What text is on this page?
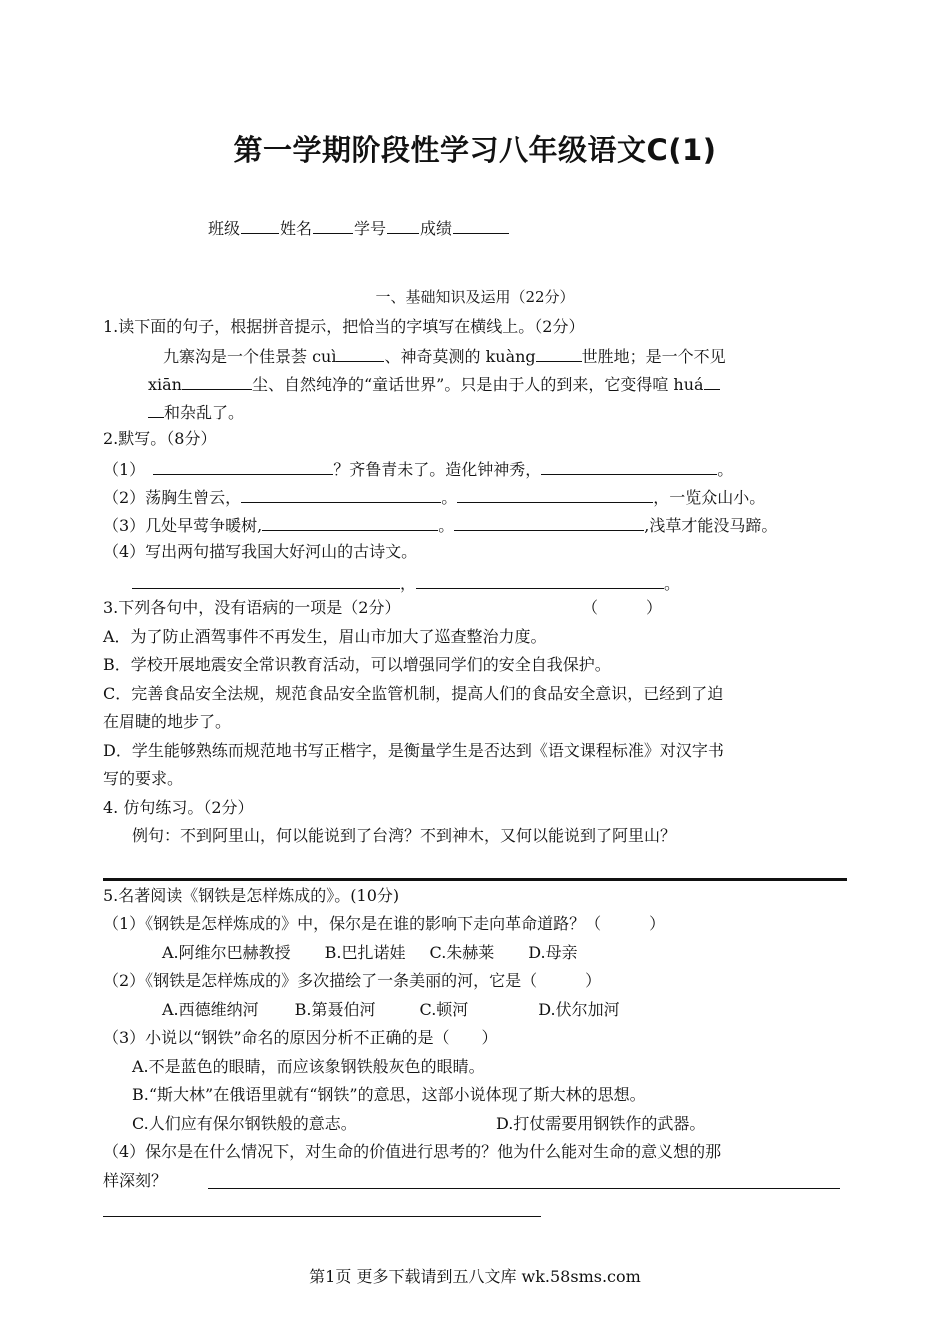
第一学期阶段性学习八年级语文C(1)
班级	姓名	学号 成绩
一、基础知识及运用（22分）
1.读下面的句子，根据拼音提示，把恰当的字填写在横线上。（2分）
九寨沟是一个佳景荟 cuì	、神奇莫测的 kuàng	世胜地；是一个不见
xiān	尘、自然纯净的“童话世界”。只是由于人的到来，它变得喧 huá
和杂乱了。
2.默写。（8分）
（1）	？齐鲁青未了。造化钟神秀，	。
（2）荡胸生曾云，	。	，一览众山小。
（3）几处早莺争暖树,	。	,浅草才能没马蹄。
（4）写出两句描写我国大好河山的古诗文。
，	。
3.下列各句中，没有语病的一项是（2分）	（　　　）
A．为了防止酒驾事件不再发生，眉山市加大了巡查整治力度。
B．学校开展地震安全常识教育活动，可以增强同学们的安全自我保护。
C．完善食品安全法规，规范食品安全监管机制，提高人们的食品安全意识，已经到了迫
在眉睫的地步了。
D．学生能够熟练而规范地书写正楷字，是衡量学生是否达到《语文课程标准》对汉字书
写的要求。
4. 仿句练习。（2分）
例句：不到阿里山，何以能说到了台湾？不到神木，又何以能说到了阿里山？
5.名著阅读《钢铁是怎样炼成的》。(10分)
（1）《钢铁是怎样炼成的》中，保尔是在谁的影响下走向革命道路？（　　　）
A.阿维尔巴赫教授 B.巴扎诺娃 C.朱赫莱 D.母亲
（2）《钢铁是怎样炼成的》多次描绘了一条美丽的河，它是（　　　）
A.西德维纳河 B.第聂伯河	C.顿河	D.伏尔加河
（3）小说以“钢铁”命名的原因分析不正确的是（　　）
A.不是蓝色的眼睛，而应该象钢铁般灰色的眼睛。
B.“斯大林”在俄语里就有“钢铁”的意思，这部小说体现了斯大林的思想。
C.人们应有保尔钢铁般的意志。	D.打仗需要用钢铁作的武器。
（4）保尔是在什么情况下，对生命的价值进行思考的？他为什么能对生命的意义想的那
样深刻？
第1页 更多下载请到五八文库 wk.58sms.com
